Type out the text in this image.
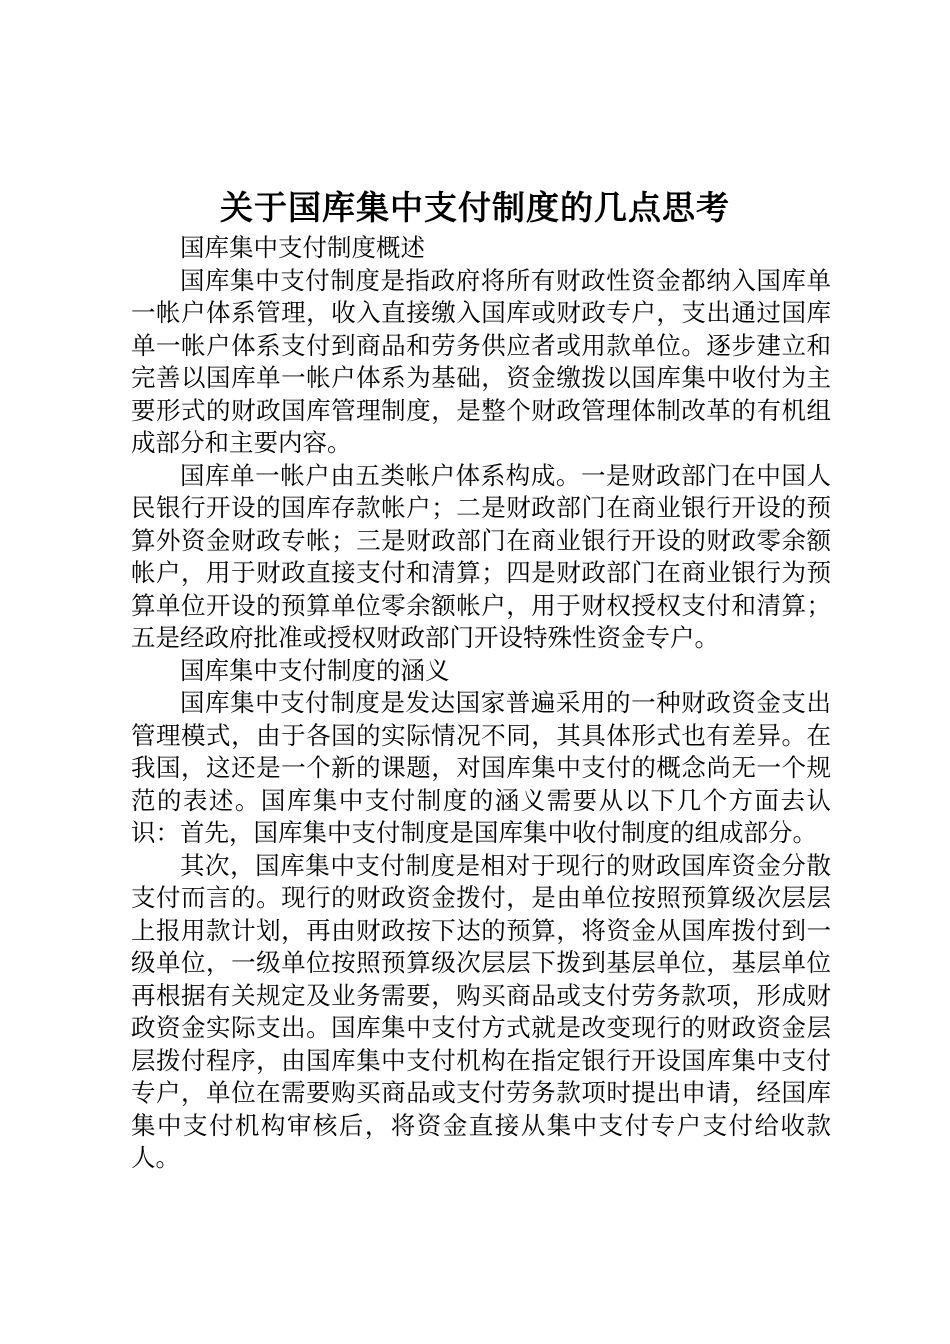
关于国库集中支付制度的几点思考

国库集中支付制度概述

国库集中支付制度是指政府将所有财政性资金都纳入国库单一帐户体系管理，收入直接缴入国库或财政专户，支出通过国库单一帐户体系支付到商品和劳务供应者或用款单位。逐步建立和完善以国库单一帐户体系为基础，资金缴拨以国库集中收付为主要形式的财政国库管理制度，是整个财政管理体制改革的有机组成部分和主要内容。

国库单一帐户由五类帐户体系构成。一是财政部门在中国人民银行开设的国库存款帐户；二是财政部门在商业银行开设的预算外资金财政专帐；三是财政部门在商业银行开设的财政零余额帐户，用于财政直接支付和清算；四是财政部门在商业银行为预算单位开设的预算单位零余额帐户，用于财权授权支付和清算；五是经政府批准或授权财政部门开设特殊性资金专户。

国库集中支付制度的涵义

国库集中支付制度是发达国家普遍采用的一种财政资金支出管理模式，由于各国的实际情况不同，其具体形式也有差异。在我国，这还是一个新的课题，对国库集中支付的概念尚无一个规范的表述。国库集中支付制度的涵义需要从以下几个方面去认识：首先，国库集中支付制度是国库集中收付制度的组成部分。

其次，国库集中支付制度是相对于现行的财政国库资金分散支付而言的。现行的财政资金拨付，是由单位按照预算级次层层上报用款计划，再由财政按下达的预算，将资金从国库拨付到一级单位，一级单位按照预算级次层层下拨到基层单位，基层单位再根据有关规定及业务需要，购买商品或支付劳务款项，形成财政资金实际支出。国库集中支付方式就是改变现行的财政资金层层拨付程序，由国库集中支付机构在指定银行开设国库集中支付专户，单位在需要购买商品或支付劳务款项时提出申请，经国库集中支付机构审核后，将资金直接从集中支付专户支付给收款人。
